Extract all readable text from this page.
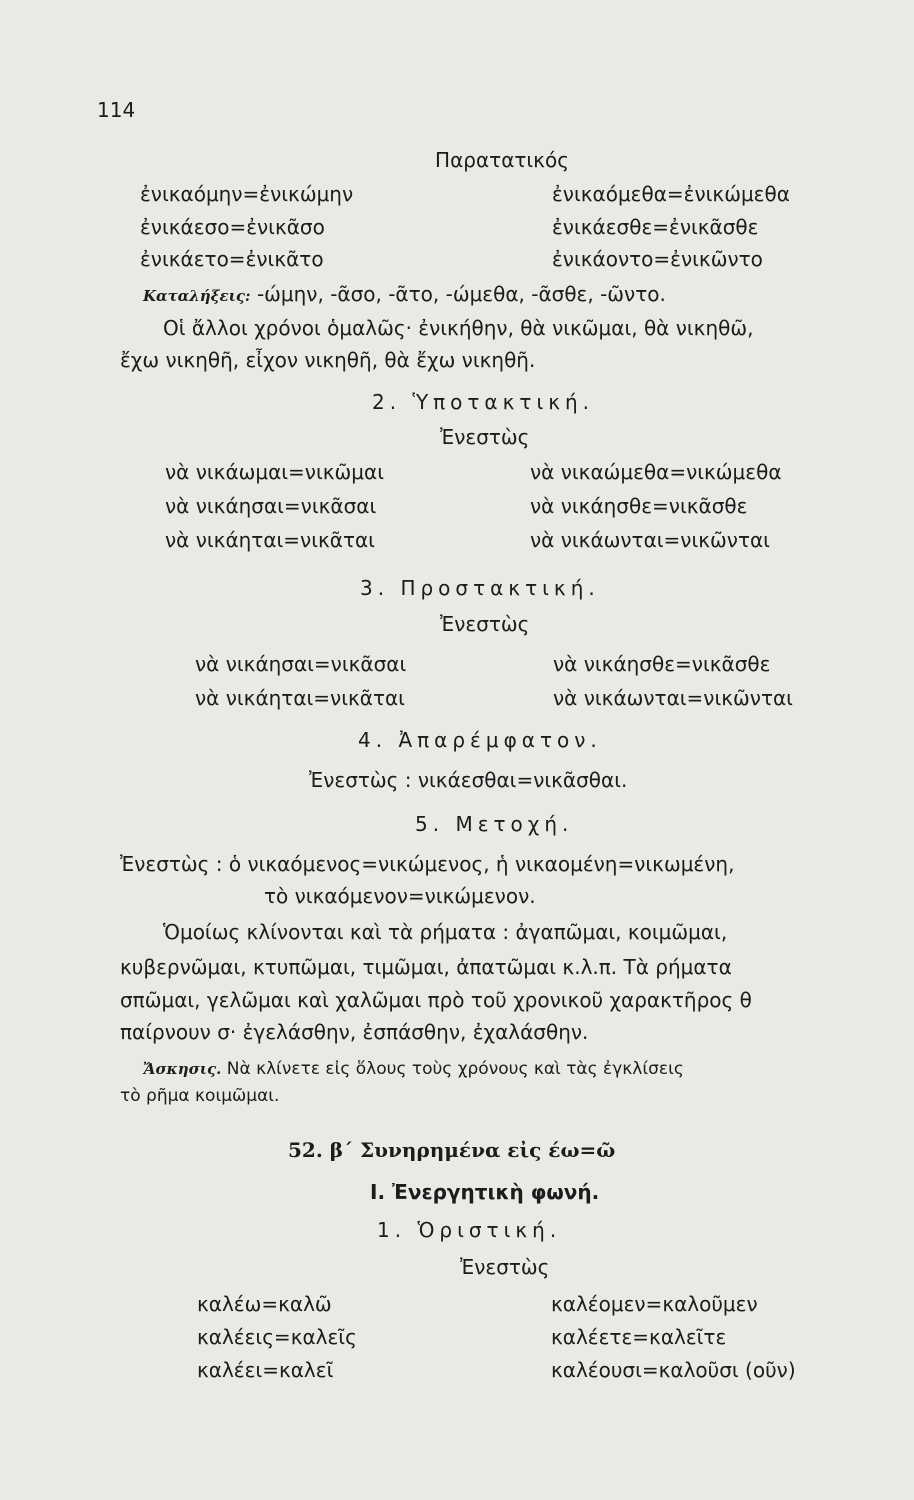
114
Παρατατικός
ἐνικαόμην=ἐνικώμην	ἐνικαόμεθα=ἐνικώμεθα
ἐνικάεσο=ἐνικᾶσο	ἐνικάεσθε=ἐνικᾶσθε
ἐνικάετο=ἐνικᾶτο	ἐνικάοντο=ἐνικῶντο
Καταλήξεις: -ώμην, -ᾶσο, -ᾶτο, -ώμεθα, -ᾶσθε, -ῶντο.
Οἱ ἄλλοι χρόνοι ὁμαλῶς· ἐνικήθην, θὰ νικῶμαι, θὰ νικηθῶ,
ἔχω νικηθῆ, εἶχον νικηθῆ, θὰ ἔχω νικηθῆ.
2. Ὑποτακτική.
Ἐνεστὼς
νὰ νικάωμαι=νικῶμαι	νὰ νικαώμεθα=νικώμεθα
νὰ νικάησαι=νικᾶσαι	νὰ νικάησθε=νικᾶσθε
νὰ νικάηται=νικᾶται	νὰ νικάωνται=νικῶνται
3. Προστακτική.
Ἐνεστὼς
νὰ νικάησαι=νικᾶσαι	νὰ νικάησθε=νικᾶσθε
νὰ νικάηται=νικᾶται	νὰ νικάωνται=νικῶνται
4. Ἀπαρέμφατον.
Ἐνεστὼς : νικάεσθαι=νικᾶσθαι.
5. Μετοχή.
Ἐνεστὼς : ὁ νικαόμενος=νικώμενος, ἡ νικαομένη=νικωμένη,
τὸ νικαόμενον=νικώμενον.
Ὁμοίως κλίνονται καὶ τὰ ρήματα : ἀγαπῶμαι, κοιμῶμαι,
κυβερνῶμαι, κτυπῶμαι, τιμῶμαι, ἀπατῶμαι κ.λ.π. Τὰ ρήματα
σπῶμαι, γελῶμαι καὶ χαλῶμαι πρὸ τοῦ χρονικοῦ χαρακτῆρος θ
παίρνουν σ· ἐγελάσθην, ἐσπάσθην, ἐχαλάσθην.
Ἄσκησις. Νὰ κλίνετε εἰς ὅλους τοὺς χρόνους καὶ τὰς ἐγκλίσεις
τὸ ρῆμα κοιμῶμαι.
52. β΄ Συνηρημένα εἰς έω=ῶ
I. Ἐνεργητικὴ φωνή.
1. Ὁριστική.
Ἐνεστὼς
καλέω=καλῶ	καλέομεν=καλοῦμεν
καλέεις=καλεῖς	καλέετε=καλεῖτε
καλέει=καλεῖ	καλέουσι=καλοῦσι (οῦν)
